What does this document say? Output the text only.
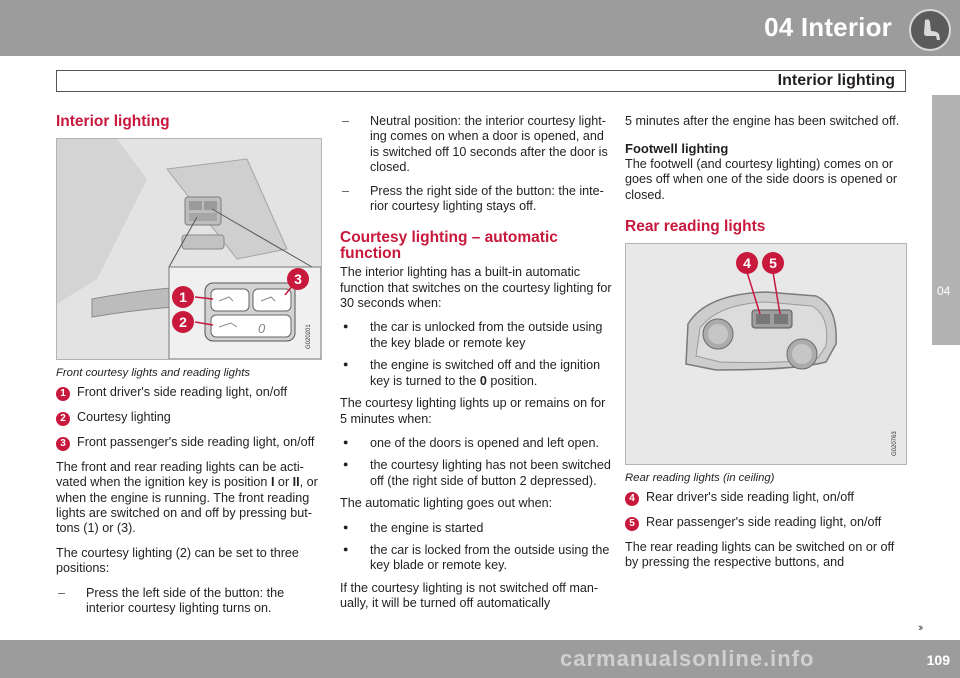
04 Interior
Interior lighting
04
Interior lighting
0
1
2
3
G020201
Front courtesy lights and reading lights
1 Front driver's side reading light, on/off
2 Courtesy lighting
3 Front passenger's side reading light, on/off

The front and rear reading lights can be acti-vated when the ignition key is position I or II, or when the engine is running. The front reading lights are switched on and off by pressing but-tons (1) or (3).

The courtesy lighting (2) can be set to three positions:

– Press the left side of the button: the interior courtesy lighting turns on.
– Neutral position: the interior courtesy light-ing comes on when a door is opened, and is switched off 10 seconds after the door is closed.
– Press the right side of the button: the inte-rior courtesy lighting stays off.
Courtesy lighting – automatic function

The interior lighting has a built-in automatic function that switches on the courtesy lighting for 30 seconds when:

● the car is unlocked from the outside using the key blade or remote key
● the engine is switched off and the ignition key is turned to the 0 position.

The courtesy lighting lights up or remains on for 5 minutes when:

● one of the doors is opened and left open.
● the courtesy lighting has not been switched off (the right side of button 2 depressed).

The automatic lighting goes out when:

● the engine is started
● the car is locked from the outside using the key blade or remote key.

If the courtesy lighting is not switched off man-ually, it will be turned off automatically

5 minutes after the engine has been switched off.

Footwell lighting

The footwell (and courtesy lighting) comes on or goes off when one of the side doors is opened or closed.

Rear reading lights
4 5
G020763
Rear reading lights (in ceiling)
4 Rear driver's side reading light, on/off
5 Rear passenger's side reading light, on/off

The rear reading lights can be switched on or off by pressing the respective buttons, and

››
carmanualsonline.info	109
